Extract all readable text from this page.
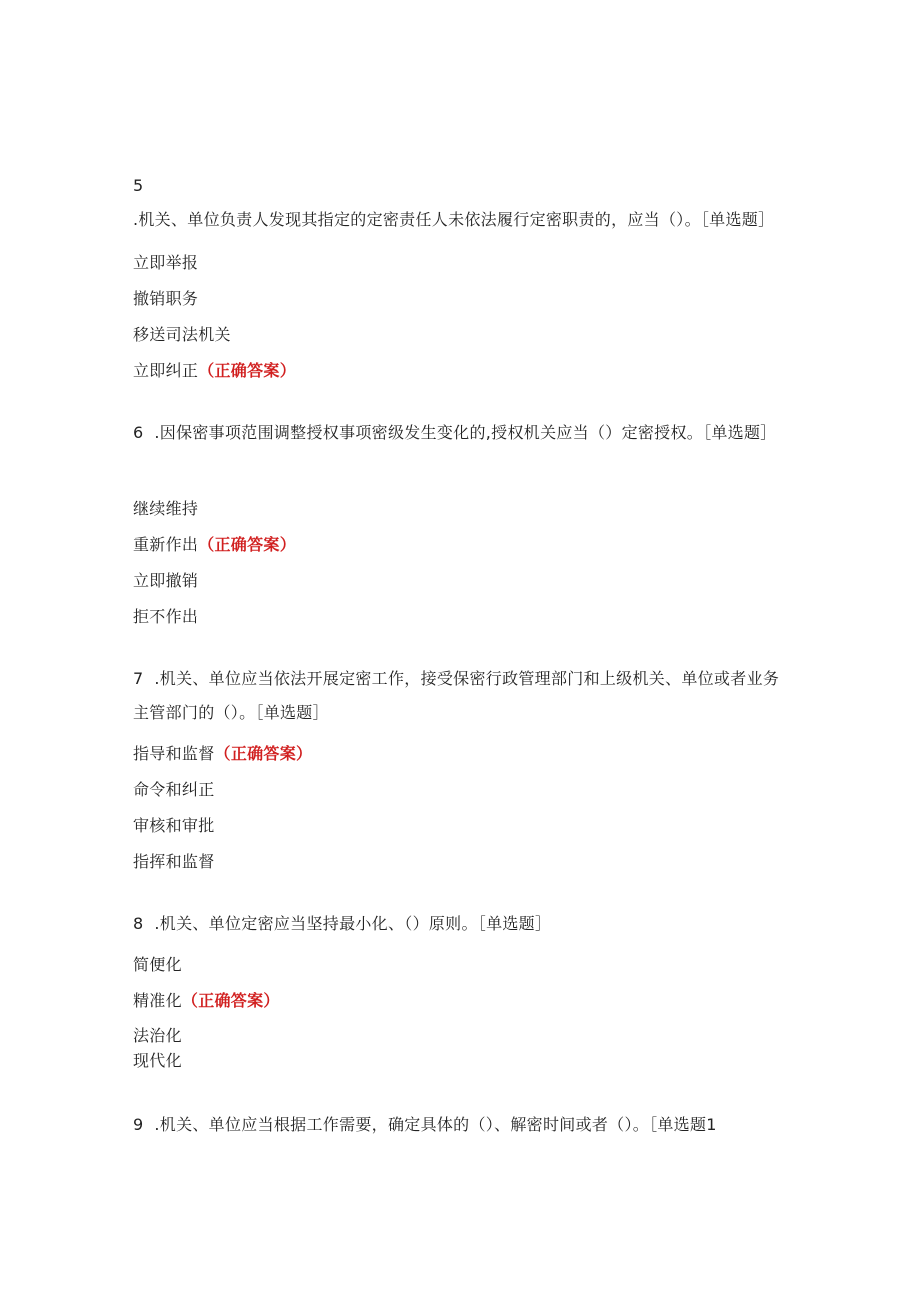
5 .机关、单位负责人发现其指定的定密责任人未依法履行定密职责的，应当（）。［单选题］
立即举报
撤销职务
移送司法机关
立即纠正（正确答案）
6 .因保密事项范围调整授权事项密级发生变化的,授权机关应当（）定密授权。［单选题］
继续维持
重新作出（正确答案）
立即撤销
拒不作出
7 .机关、单位应当依法开展定密工作，接受保密行政管理部门和上级机关、单位或者业务主管部门的（）。［单选题］
指导和监督（正确答案）
命令和纠正
审核和审批
指挥和监督
8 .机关、单位定密应当坚持最小化、（）原则。［单选题］
简便化
精准化（正确答案）
法治化
现代化
9 .机关、单位应当根据工作需要，确定具体的（）、解密时间或者（）。［单选题1
